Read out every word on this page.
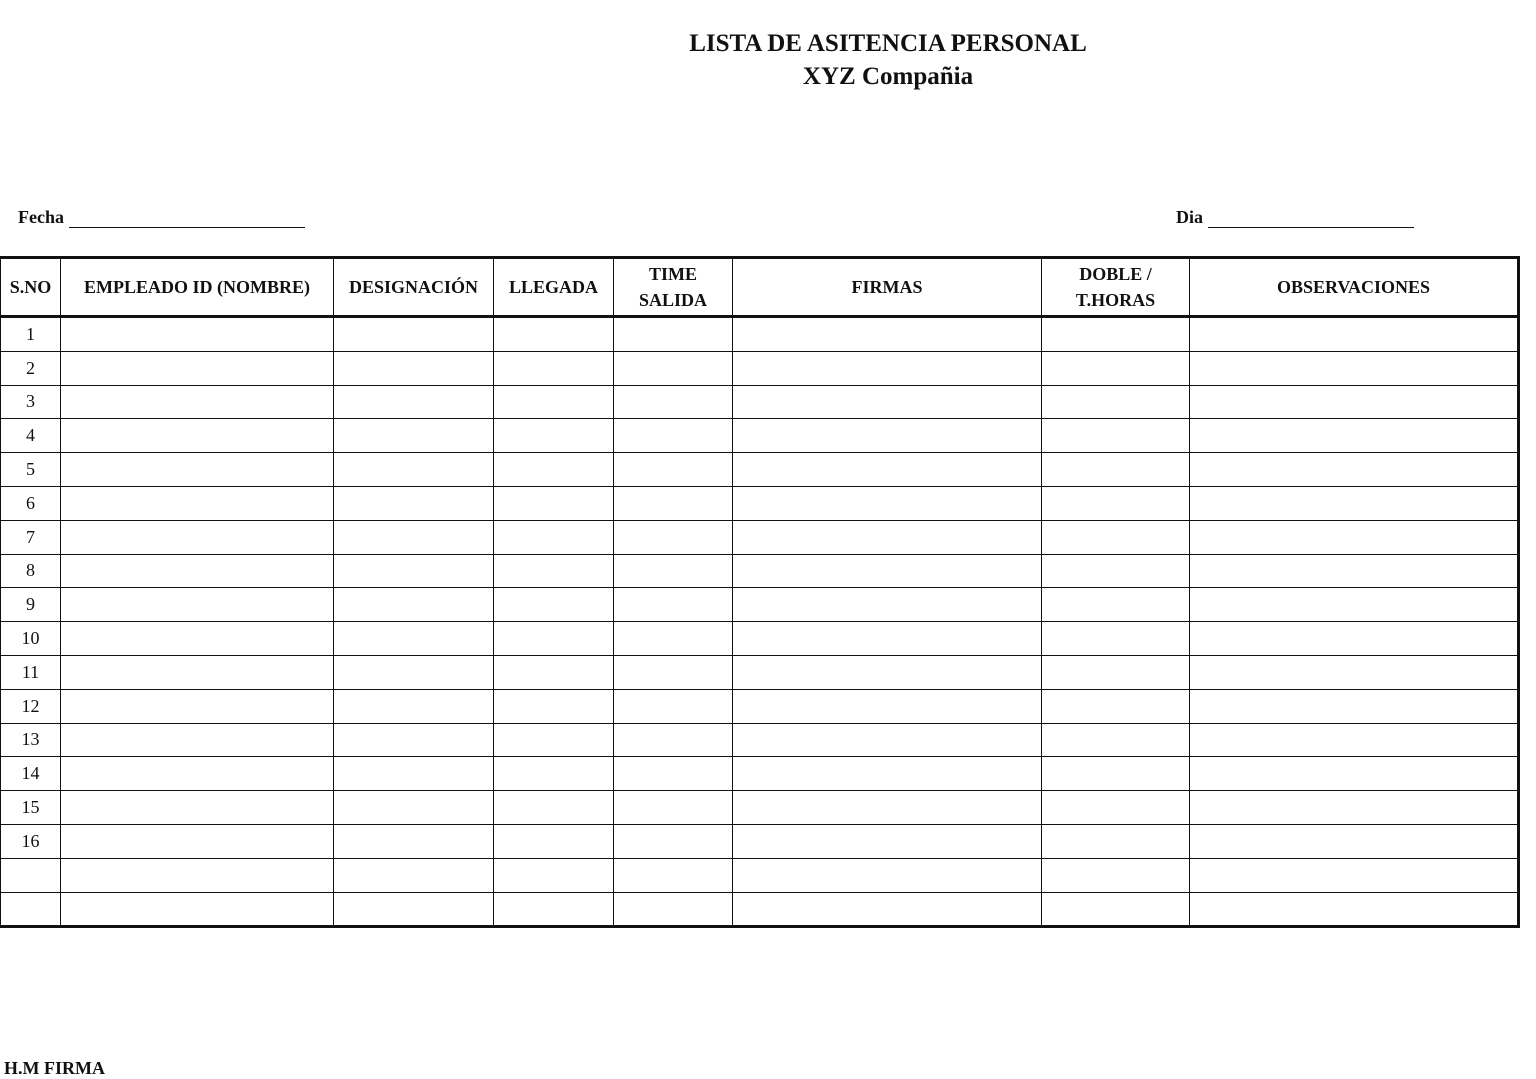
LISTA DE ASITENCIA PERSONAL
XYZ Compañia
Fecha	Dia
S.NO	EMPLEADO ID (NOMBRE)	DESIGNACIÓN	LLEGADA	TIME SALIDA	FIRMAS	DOBLE / T.HORAS	OBSERVACIONES
1							
2							
3							
4							
5							
6							
7							
8							
9							
10							
11							
12							
13							
14							
15							
16							

H.M FIRMA
